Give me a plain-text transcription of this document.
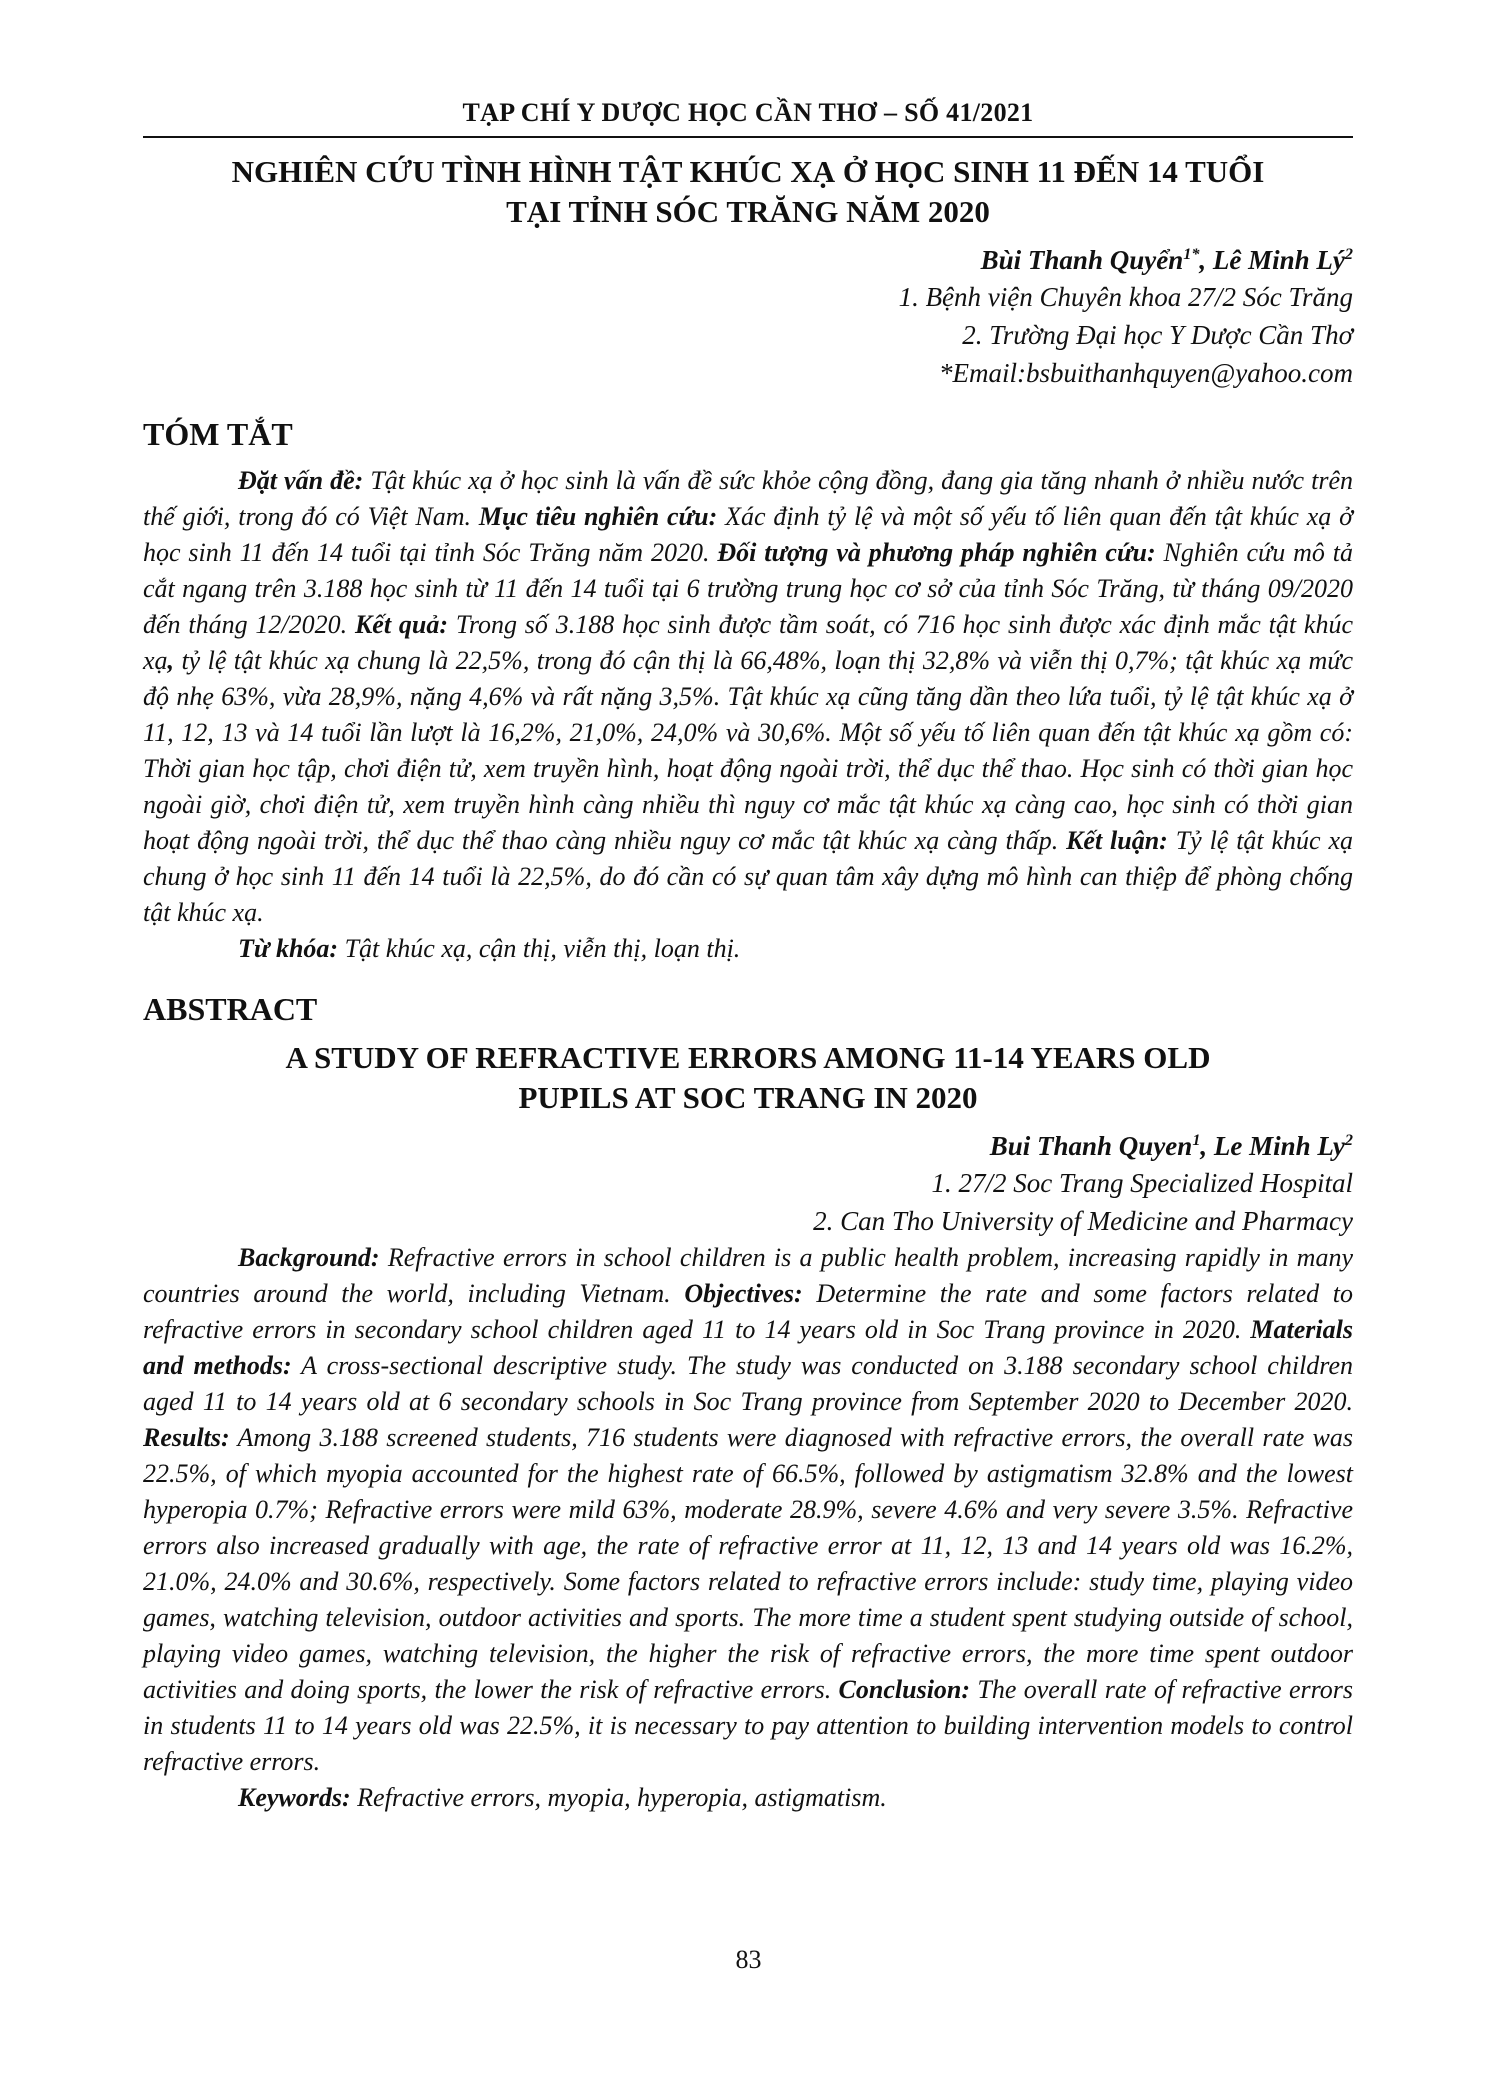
TẠP CHÍ Y DƯỢC HỌC CẦN THƠ – SỐ 41/2021
NGHIÊN CỨU TÌNH HÌNH TẬT KHÚC XẠ Ở HỌC SINH 11 ĐẾN 14 TUỔI
TẠI TỈNH SÓC TRĂNG NĂM 2020
Bùi Thanh Quyển$^{1*}$, Lê Minh $Lý^2$
1. Bệnh viện Chuyên khoa 27/2 Sóc Trăng
2. Trường Đại học Y Dược Cần Thơ
*Email:bsbuithanhquyen@yahoo.com
TÓM TẮT

Đặt vấn đề: Tật khúc xạ ở học sinh là vấn đề sức khỏe cộng đồng, đang gia tăng nhanh ở nhiều nước trên thế giới, trong đó có Việt Nam. Mục tiêu nghiên cứu: Xác định tỷ lệ và một số yếu tố liên quan đến tật khúc xạ ở học sinh 11 đến 14 tuổi tại tỉnh Sóc Trăng năm 2020. Đối tượng và phương pháp nghiên cứu: Nghiên cứu mô tả cắt ngang trên 3.188 học sinh từ 11 đến 14 tuổi tại 6 trường trung học cơ sở của tỉnh Sóc Trăng, từ tháng 09/2020 đến tháng 12/2020. Kết quả: Trong số 3.188 học sinh được tầm soát, có 716 học sinh được xác định mắc tật khúc xạ, tỷ lệ tật khúc xạ chung là 22,5%, trong đó cận thị là 66,48%, loạn thị 32,8% và viễn thị 0,7%; tật khúc xạ mức độ nhẹ 63%, vừa 28,9%, nặng 4,6% và rất nặng 3,5%. Tật khúc xạ cũng tăng dần theo lứa tuổi, tỷ lệ tật khúc xạ ở 11, 12, 13 và 14 tuổi lần lượt là 16,2%, 21,0%, 24,0% và 30,6%. Một số yếu tố liên quan đến tật khúc xạ gồm có: Thời gian học tập, chơi điện tử, xem truyền hình, hoạt động ngoài trời, thể dục thể thao. Học sinh có thời gian học ngoài giờ, chơi điện tử, xem truyền hình càng nhiều thì nguy cơ mắc tật khúc xạ càng cao, học sinh có thời gian hoạt động ngoài trời, thể dục thể thao càng nhiều nguy cơ mắc tật khúc xạ càng thấp. Kết luận: Tỷ lệ tật khúc xạ chung ở học sinh 11 đến 14 tuổi là 22,5%, do đó cần có sự quan tâm xây dựng mô hình can thiệp để phòng chống tật khúc xạ.

Từ khóa: Tật khúc xạ, cận thị, viễn thị, loạn thị.
ABSTRACT
A STUDY OF REFRACTIVE ERRORS AMONG 11-14 YEARS OLD
PUPILS AT SOC TRANG IN 2020
Bui Thanh Quyen$^1$, Le Minh Ly$^2$
1. 27/2 Soc Trang Specialized Hospital
2. Can Tho University of Medicine and Pharmacy

Background: Refractive errors in school children is a public health problem, increasing rapidly in many countries around the world, including Vietnam. Objectives: Determine the rate and some factors related to refractive errors in secondary school children aged 11 to 14 years old in Soc Trang province in 2020. Materials and methods: A cross-sectional descriptive study. The study was conducted on 3.188 secondary school children aged 11 to 14 years old at 6 secondary schools in Soc Trang province from September 2020 to December 2020. Results: Among 3.188 screened students, 716 students were diagnosed with refractive errors, the overall rate was 22.5%, of which myopia accounted for the highest rate of 66.5%, followed by astigmatism 32.8% and the lowest hyperopia 0.7%; Refractive errors were mild 63%, moderate 28.9%, severe 4.6% and very severe 3.5%. Refractive errors also increased gradually with age, the rate of refractive error at 11, 12, 13 and 14 years old was 16.2%, 21.0%, 24.0% and 30.6%, respectively. Some factors related to refractive errors include: study time, playing video games, watching television, outdoor activities and sports. The more time a student spent studying outside of school, playing video games, watching television, the higher the risk of refractive errors, the more time spent outdoor activities and doing sports, the lower the risk of refractive errors. Conclusion: The overall rate of refractive errors in students 11 to 14 years old was 22.5%, it is necessary to pay attention to building intervention models to control refractive errors.

Keywords: Refractive errors, myopia, hyperopia, astigmatism.
83
